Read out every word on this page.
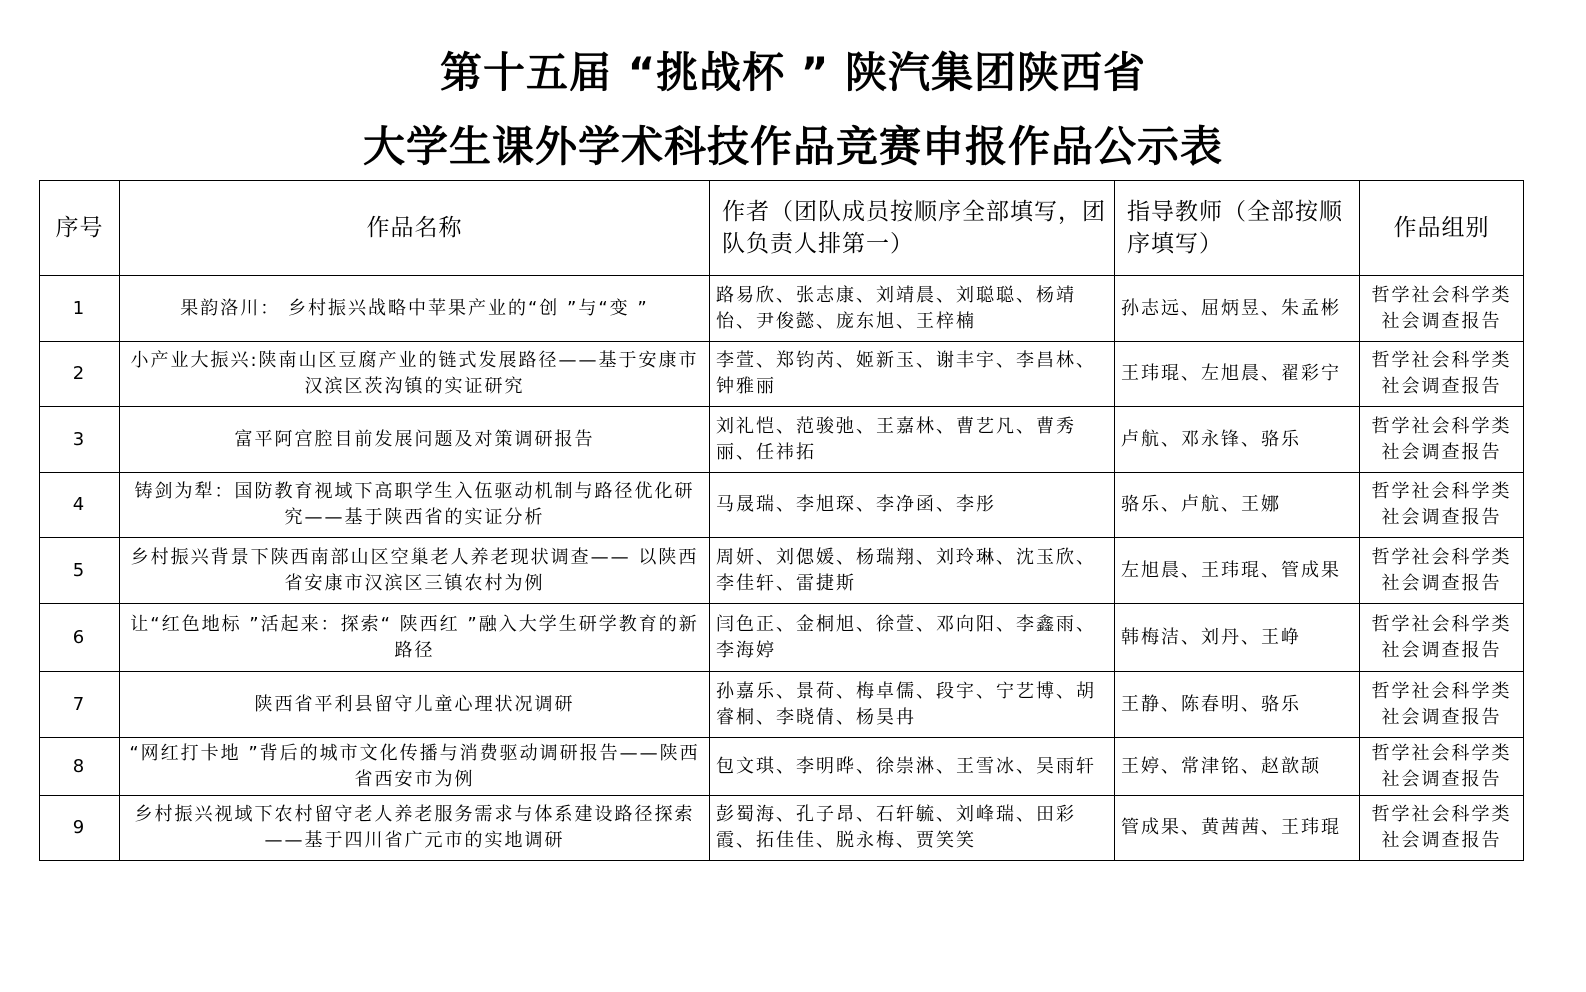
第十五届 “挑战杯 ” 陕汽集团陕西省
大学生课外学术科技作品竞赛申报作品公示表
序号	作品名称	作者（团队成员按顺序全部填写，团队负责人排第一）	指导教师（全部按顺序填写）	作品组别
1	果韵洛川： 乡村振兴战略中苹果产业的“创 ”与“变 ”	路易欣、张志康、刘靖晨、刘聪聪、杨靖怡、尹俊懿、庞东旭、王梓楠	孙志远、屈炳昱、朱孟彬	哲学社会科学类
社会调查报告

2	小产业大振兴:陕南山区豆腐产业的链式发展路径——基于安康市汉滨区茨沟镇的实证研究	李萱、郑钧芮、姬新玉、谢丰宇、李昌林、钟雅丽	王玮琨、左旭晨、翟彩宁	哲学社会科学类
社会调查报告

3	富平阿宫腔目前发展问题及对策调研报告	刘礼恺、范骏弛、王嘉林、曹艺凡、曹秀丽、任祎拓	卢航、邓永锋、骆乐	哲学社会科学类
社会调查报告

4	铸剑为犁：国防教育视域下高职学生入伍驱动机制与路径优化研究——基于陕西省的实证分析	马晟瑞、李旭琛、李净函、李彤	骆乐、卢航、王娜	哲学社会科学类
社会调查报告

5	乡村振兴背景下陕西南部山区空巢老人养老现状调查—— 以陕西省安康市汉滨区三镇农村为例	周妍、刘偲媛、杨瑞翔、刘玲琳、沈玉欣、李佳轩、雷捷斯	左旭晨、王玮琨、管成果	哲学社会科学类
社会调查报告

6	让“红色地标 ”活起来：探索“ 陕西红 ”融入大学生研学教育的新路径	闫色正、金桐旭、徐萱、邓向阳、李鑫雨、李海婷	韩梅洁、刘丹、王峥	哲学社会科学类
社会调查报告

7	陕西省平利县留守儿童心理状况调研	孙嘉乐、景荷、梅卓儒、段宇、宁艺博、胡睿桐、李晓倩、杨昊冉	王静、陈春明、骆乐	哲学社会科学类
社会调查报告

8	“网红打卡地 ”背后的城市文化传播与消费驱动调研报告——陕西省西安市为例	包文琪、李明晔、徐崇淋、王雪冰、吴雨轩	王婷、常津铭、赵歆颉	哲学社会科学类
社会调查报告

9	乡村振兴视域下农村留守老人养老服务需求与体系建设路径探索——基于四川省广元市的实地调研	彭蜀海、孔子昂、石轩毓、刘峰瑞、田彩霞、拓佳佳、脱永梅、贾笑笑	管成果、黄茜茜、王玮琨	哲学社会科学类
社会调查报告
